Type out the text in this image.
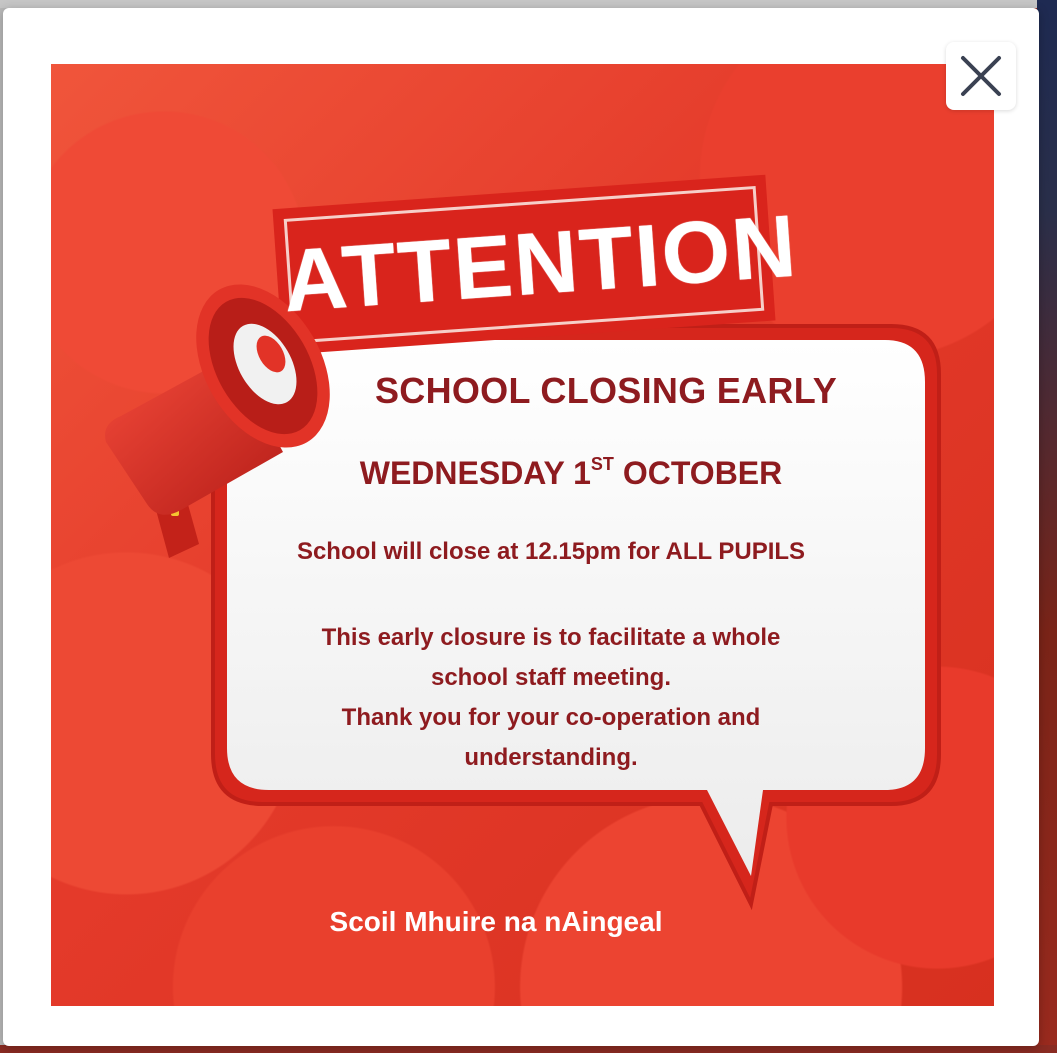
ATTENTION
SCHOOL CLOSING EARLY
WEDNESDAY 1ST OCTOBER
School will close at 12.15pm for ALL PUPILS
This early closure is to facilitate a whole
school staff meeting.
Thank you for your co-operation and
understanding.
Scoil Mhuire na nAingeal
